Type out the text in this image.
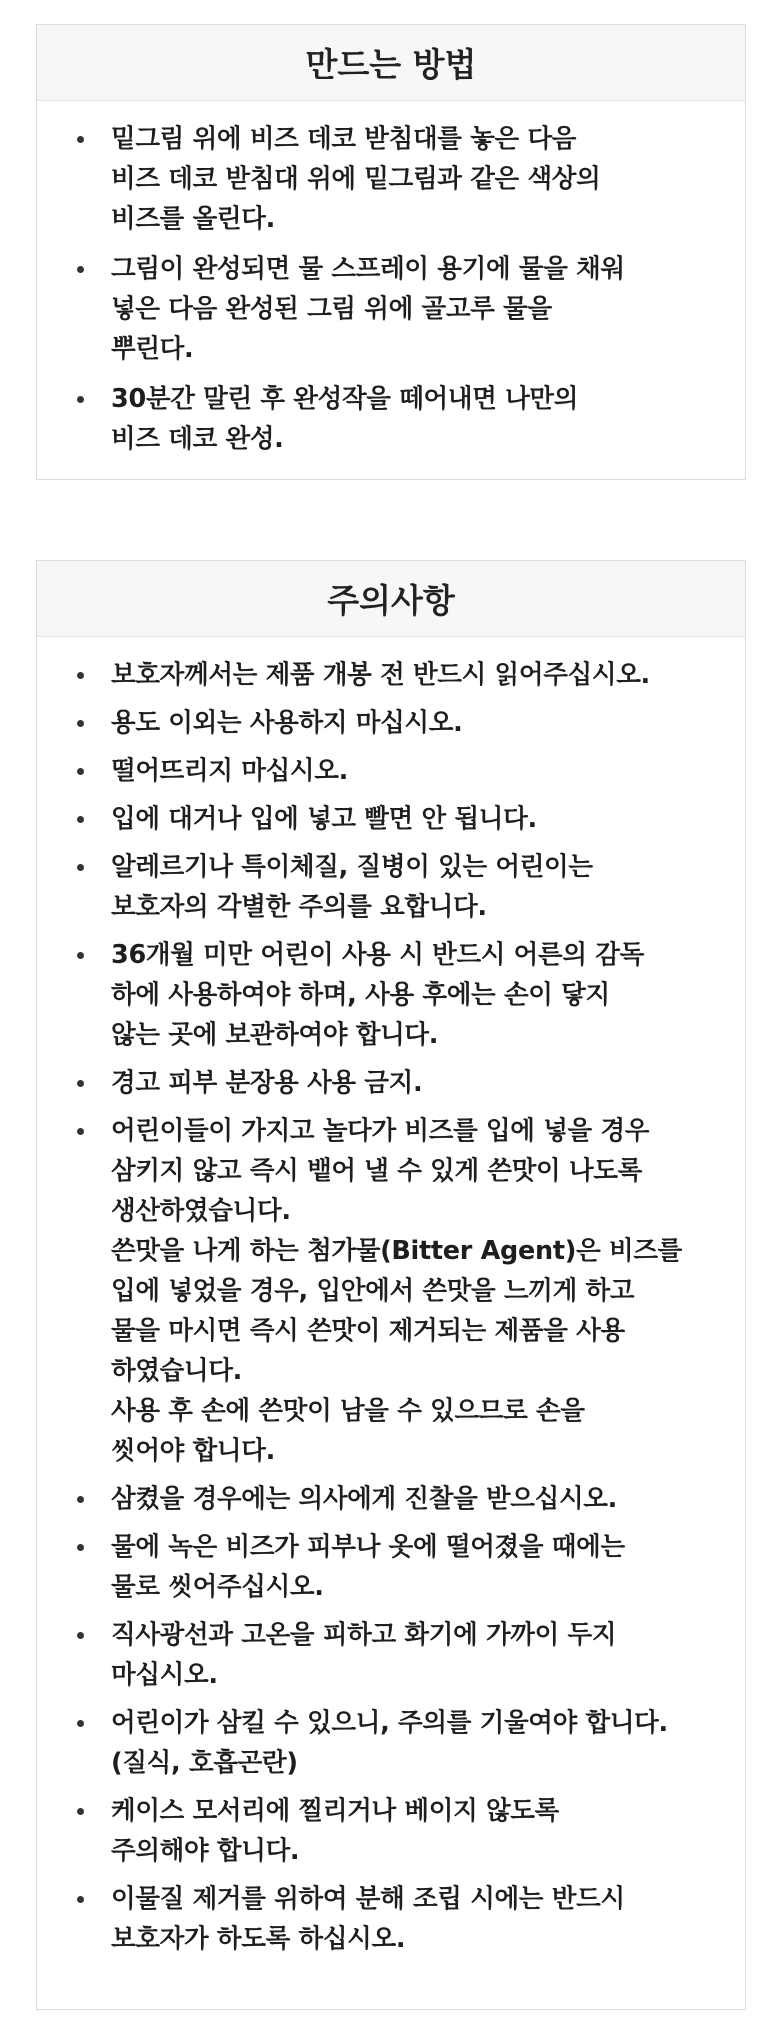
만드는 방법
밑그림 위에 비즈 데코 받침대를 놓은 다음
비즈 데코 받침대 위에 밑그림과 같은 색상의
비즈를 올린다.
그림이 완성되면 물 스프레이 용기에 물을 채워
넣은 다음 완성된 그림 위에 골고루 물을
뿌린다.
30분간 말린 후 완성작을 떼어내면 나만의
비즈 데코 완성.
주의사항
보호자께서는 제품 개봉 전 반드시 읽어주십시오.
용도 이외는 사용하지 마십시오.
떨어뜨리지 마십시오.
입에 대거나 입에 넣고 빨면 안 됩니다.
알레르기나 특이체질, 질병이 있는 어린이는
보호자의 각별한 주의를 요합니다.
36개월 미만 어린이 사용 시 반드시 어른의 감독
하에 사용하여야 하며, 사용 후에는 손이 닿지
않는 곳에 보관하여야 합니다.
경고 피부 분장용 사용 금지.
어린이들이 가지고 놀다가 비즈를 입에 넣을 경우
삼키지 않고 즉시 뱉어 낼 수 있게 쓴맛이 나도록
생산하였습니다.
쓴맛을 나게 하는 첨가물(Bitter Agent)은 비즈를
입에 넣었을 경우, 입안에서 쓴맛을 느끼게 하고
물을 마시면 즉시 쓴맛이 제거되는 제품을 사용
하였습니다.
사용 후 손에 쓴맛이 남을 수 있으므로 손을
씻어야 합니다.
삼켰을 경우에는 의사에게 진찰을 받으십시오.
물에 녹은 비즈가 피부나 옷에 떨어졌을 때에는
물로 씻어주십시오.
직사광선과 고온을 피하고 화기에 가까이 두지
마십시오.
어린이가 삼킬 수 있으니, 주의를 기울여야 합니다.
(질식, 호흡곤란)
케이스 모서리에 찔리거나 베이지 않도록
주의해야 합니다.
이물질 제거를 위하여 분해 조립 시에는 반드시
보호자가 하도록 하십시오.
